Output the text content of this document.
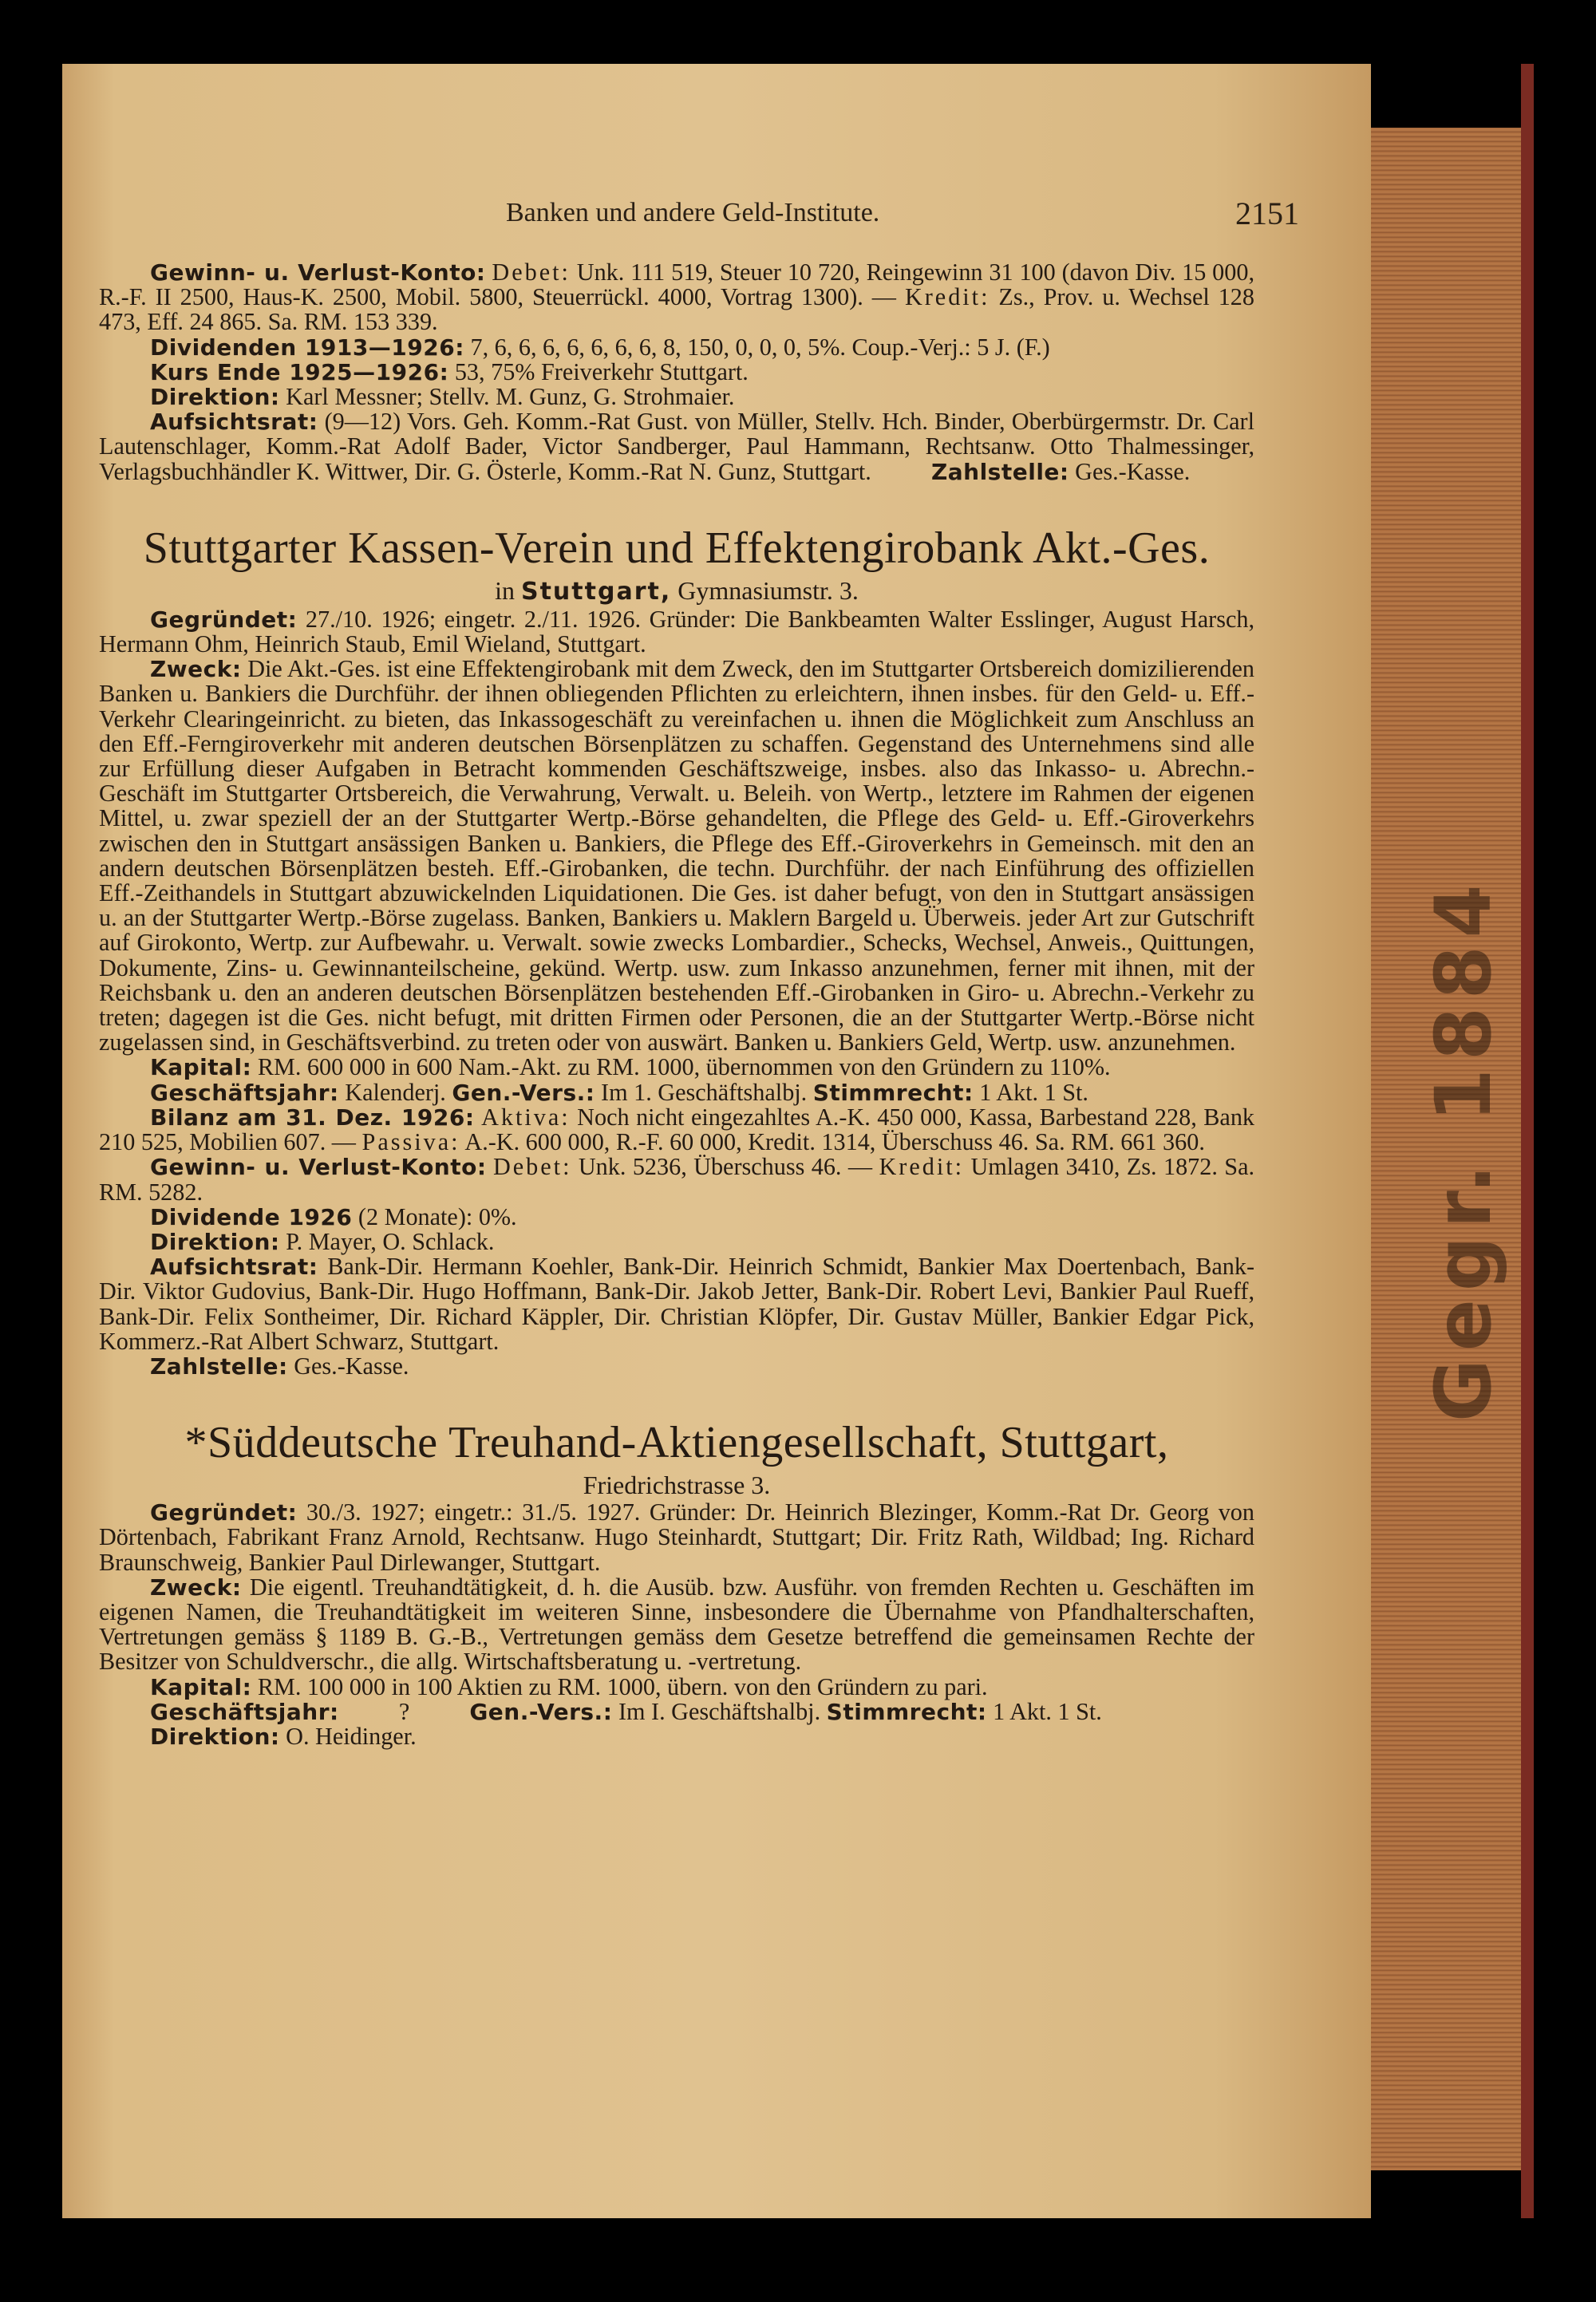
Gegr. 1884
Banken und andere Geld-Institute.	2151

Gewinn- u. Verlust-Konto: Debet: Unk. 111 519, Steuer 10 720, Reingewinn 31 100 (davon Div. 15 000, R.-F. II 2500, Haus-K. 2500, Mobil. 5800, Steuerrückl. 4000, Vortrag 1300). — Kredit: Zs., Prov. u. Wechsel 128 473, Eff. 24 865. Sa. RM. 153 339.

Dividenden 1913—1926: 7, 6, 6, 6, 6, 6, 6, 6, 8, 150, 0, 0, 0, 5%. Coup.-Verj.: 5 J. (F.)

Kurs Ende 1925—1926: 53, 75% Freiverkehr Stuttgart.

Direktion: Karl Messner; Stellv. M. Gunz, G. Strohmaier.

Aufsichtsrat: (9—12) Vors. Geh. Komm.-Rat Gust. von Müller, Stellv. Hch. Binder, Oberbürgermstr. Dr. Carl Lautenschlager, Komm.-Rat Adolf Bader, Victor Sandberger, Paul Hammann, Rechtsanw. Otto Thalmessinger, Verlagsbuchhändler K. Wittwer, Dir. G. Österle, Komm.-Rat N. Gunz, Stuttgart.	Zahlstelle: Ges.-Kasse.

Stuttgarter Kassen-Verein und Effektengirobank Akt.-Ges.

in Stuttgart, Gymnasiumstr. 3.

Gegründet: 27./10. 1926; eingetr. 2./11. 1926. Gründer: Die Bankbeamten Walter Esslinger, August Harsch, Hermann Ohm, Heinrich Staub, Emil Wieland, Stuttgart.

Zweck: Die Akt.-Ges. ist eine Effektengirobank mit dem Zweck, den im Stuttgarter Ortsbereich domizilierenden Banken u. Bankiers die Durchführ. der ihnen obliegenden Pflichten zu erleichtern, ihnen insbes. für den Geld- u. Eff.-Verkehr Clearingeinricht. zu bieten, das Inkassogeschäft zu vereinfachen u. ihnen die Möglichkeit zum Anschluss an den Eff.-Ferngiroverkehr mit anderen deutschen Börsenplätzen zu schaffen. Gegenstand des Unternehmens sind alle zur Erfüllung dieser Aufgaben in Betracht kommenden Geschäftszweige, insbes. also das Inkasso- u. Abrechn.-Geschäft im Stuttgarter Ortsbereich, die Verwahrung, Verwalt. u. Beleih. von Wertp., letztere im Rahmen der eigenen Mittel, u. zwar speziell der an der Stuttgarter Wertp.-Börse gehandelten, die Pflege des Geld- u. Eff.-Giroverkehrs zwischen den in Stuttgart ansässigen Banken u. Bankiers, die Pflege des Eff.-Giroverkehrs in Gemeinsch. mit den an andern deutschen Börsenplätzen besteh. Eff.-Girobanken, die techn. Durchführ. der nach Einführung des offiziellen Eff.-Zeithandels in Stuttgart abzuwickelnden Liquidationen. Die Ges. ist daher befugt, von den in Stuttgart ansässigen u. an der Stuttgarter Wertp.-Börse zugelass. Banken, Bankiers u. Maklern Bargeld u. Überweis. jeder Art zur Gutschrift auf Girokonto, Wertp. zur Aufbewahr. u. Verwalt. sowie zwecks Lombardier., Schecks, Wechsel, Anweis., Quittungen, Dokumente, Zins- u. Gewinnanteilscheine, gekünd. Wertp. usw. zum Inkasso anzunehmen, ferner mit ihnen, mit der Reichsbank u. den an anderen deutschen Börsenplätzen bestehenden Eff.-Girobanken in Giro- u. Abrechn.-Verkehr zu treten; dagegen ist die Ges. nicht befugt, mit dritten Firmen oder Personen, die an der Stuttgarter Wertp.-Börse nicht zugelassen sind, in Geschäftsverbind. zu treten oder von auswärt. Banken u. Bankiers Geld, Wertp. usw. anzunehmen.

Kapital: RM. 600 000 in 600 Nam.-Akt. zu RM. 1000, übernommen von den Gründern zu 110%.

Geschäftsjahr: Kalenderj. Gen.-Vers.: Im 1. Geschäftshalbj. Stimmrecht: 1 Akt. 1 St.

Bilanz am 31. Dez. 1926: Aktiva: Noch nicht eingezahltes A.-K. 450 000, Kassa, Barbestand 228, Bank 210 525, Mobilien 607. — Passiva: A.-K. 600 000, R.-F. 60 000, Kredit. 1314, Überschuss 46. Sa. RM. 661 360.

Gewinn- u. Verlust-Konto: Debet: Unk. 5236, Überschuss 46. — Kredit: Umlagen 3410, Zs. 1872. Sa. RM. 5282.

Dividende 1926 (2 Monate): 0%.

Direktion: P. Mayer, O. Schlack.

Aufsichtsrat: Bank-Dir. Hermann Koehler, Bank-Dir. Heinrich Schmidt, Bankier Max Doertenbach, Bank-Dir. Viktor Gudovius, Bank-Dir. Hugo Hoffmann, Bank-Dir. Jakob Jetter, Bank-Dir. Robert Levi, Bankier Paul Rueff, Bank-Dir. Felix Sontheimer, Dir. Richard Käppler, Dir. Christian Klöpfer, Dir. Gustav Müller, Bankier Edgar Pick, Kommerz.-Rat Albert Schwarz, Stuttgart.

Zahlstelle: Ges.-Kasse.

*Süddeutsche Treuhand-Aktiengesellschaft, Stuttgart,

Friedrichstrasse 3.

Gegründet: 30./3. 1927; eingetr.: 31./5. 1927. Gründer: Dr. Heinrich Blezinger, Komm.-Rat Dr. Georg von Dörtenbach, Fabrikant Franz Arnold, Rechtsanw. Hugo Steinhardt, Stuttgart; Dir. Fritz Rath, Wildbad; Ing. Richard Braunschweig, Bankier Paul Dirlewanger, Stuttgart.

Zweck: Die eigentl. Treuhandtätigkeit, d. h. die Ausüb. bzw. Ausführ. von fremden Rechten u. Geschäften im eigenen Namen, die Treuhandtätigkeit im weiteren Sinne, insbesondere die Übernahme von Pfandhalterschaften, Vertretungen gemäss § 1189 B. G.-B., Vertretungen gemäss dem Gesetze betreffend die gemeinsamen Rechte der Besitzer von Schuldverschr., die allg. Wirtschaftsberatung u. -vertretung.

Kapital: RM. 100 000 in 100 Aktien zu RM. 1000, übern. von den Gründern zu pari.

Geschäftsjahr: ?	Gen.-Vers.: Im I. Geschäftshalbj. Stimmrecht: 1 Akt. 1 St.

Direktion: O. Heidinger.
